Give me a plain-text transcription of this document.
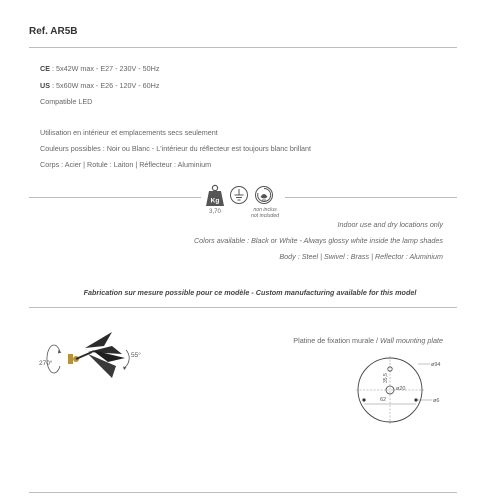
Ref. AR5B
CE : 5x42W max - E27 - 230V - 50Hz
US : 5x60W max - E26 - 120V - 60Hz
Compatible LED
Utilisation en intérieur et emplacements secs seulement
Couleurs possibles : Noir ou Blanc - L'intérieur du réflecteur est toujours blanc brillant
Corps : Acier | Rotule : Laiton | Réflecteur : Aluminium
Kg
3,70	non inclus
not included
Indoor use and dry locations only
Colors available : Black or White - Always glossy white inside the lamp shades
Body : Steel | Swivel : Brass | Reflector : Aluminium
Fabrication sur mesure possible pour ce modèle - Custom manufacturing available for this model
270°
55°
Platine de fixation murale / Wall mounting plate
ø94
35,5
ø20
62	ø6
